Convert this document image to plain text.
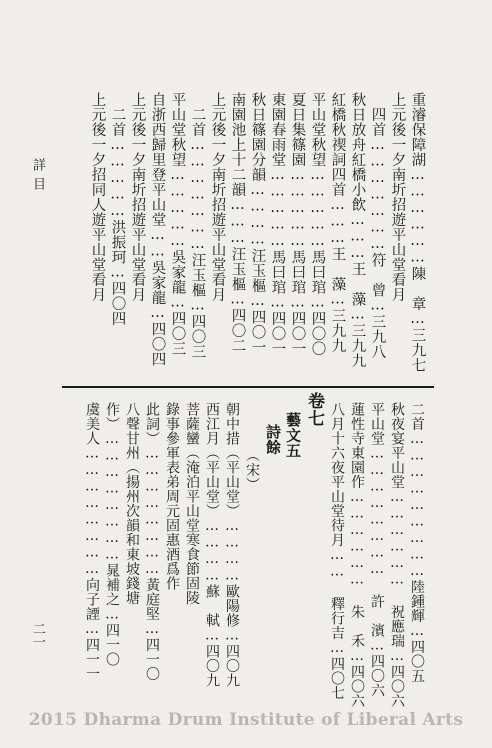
詳目
二一
重濬保障湖………………陳　章…三九七
上元後一夕南圻招遊平山堂看月
　四首…………………符　曾…三九八
秋日放舟紅橋小飲………王　藻…三九九
紅橋秋禊詞四首………王　藻…三九九
平山堂秋望……………馬曰琯…四〇〇
夏日集篠園……………馬曰琯…四〇一
東園春雨堂……………馬曰琯…四〇一
秋日篠園分韻…………汪玉樞…四〇一
南園池上十二韻………汪玉樞…四〇二
上元後一夕南圻招遊平山堂看月
　二首…………………汪玉樞…四〇三
平山堂秋望……………吳家龍…四〇三
自浙西歸里登平山堂……吳家龍…四〇四
上元後一夕南圻招遊平山堂看月
　二首……………洪振珂…四〇四
上元後一夕招同人遊平山堂看月
二首………………………陸鍾輝…四〇五
秋夜宴平山堂……………… 祝應瑞…四〇六
平山堂…………………… 許　濱…四〇六
蓮性寺東園作……………… 朱　禾…四〇六
八月十六夜平山堂待月…… 釋行吉…四〇七
卷七
藝文五
詩餘
（宋）
朝中措（平山堂）…………歐陽修…四〇九
西江月（平山堂）…………蘇　軾…四〇九
菩薩蠻（淹泊平山堂寒食節固陵
錄事參軍表弟周元固惠酒爲作
此詞）……………………黃庭堅…四一〇
八聲甘州（揚州次韻和東坡錢塘
作）……………………晁補之…四一〇
虞美人……………………向子諲…四一一
2015 Dharma Drum Institute of Liberal Arts
